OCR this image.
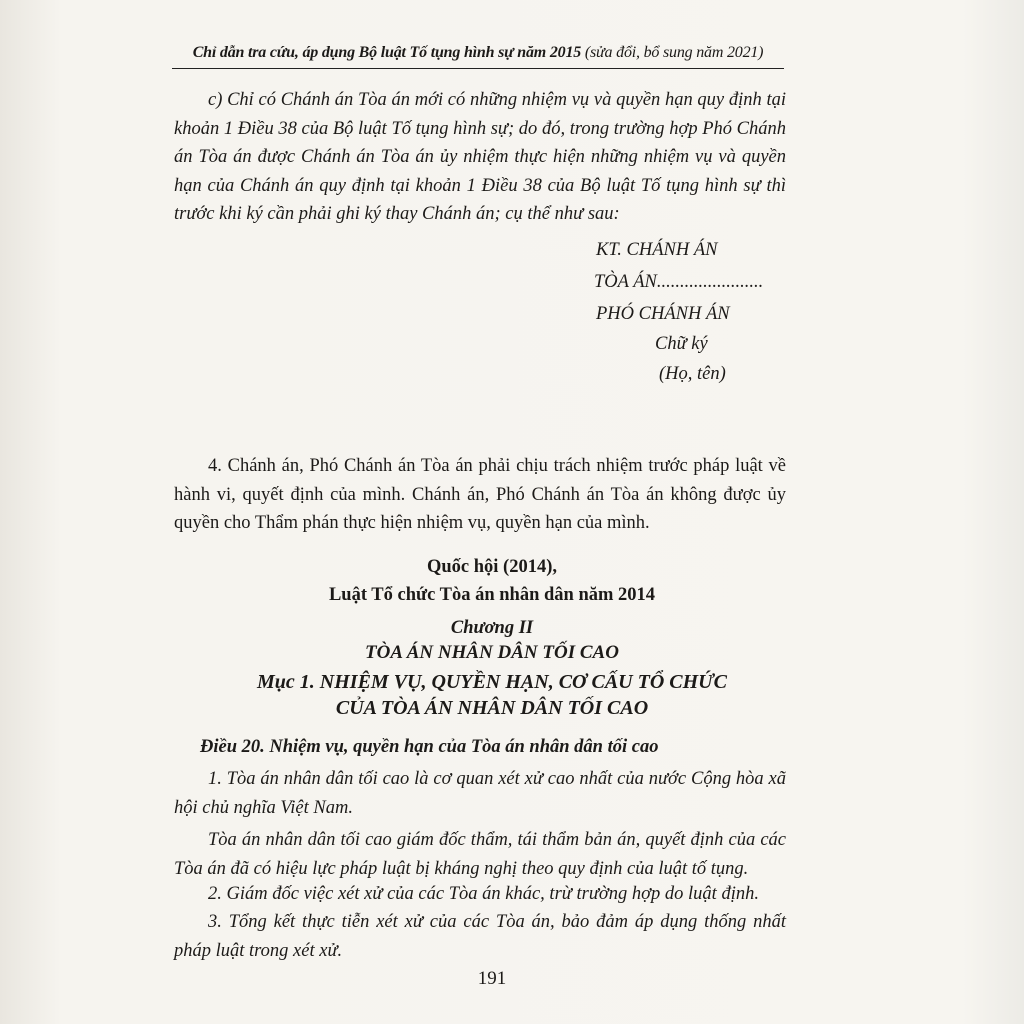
Chỉ dẫn tra cứu, áp dụng Bộ luật Tố tụng hình sự năm 2015 (sửa đổi, bổ sung năm 2021)
c) Chỉ có Chánh án Tòa án mới có những nhiệm vụ và quyền hạn quy định tại khoản 1 Điều 38 của Bộ luật Tố tụng hình sự; do đó, trong trường hợp Phó Chánh án Tòa án được Chánh án Tòa án ủy nhiệm thực hiện những nhiệm vụ và quyền hạn của Chánh án quy định tại khoản 1 Điều 38 của Bộ luật Tố tụng hình sự thì trước khi ký cần phải ghi ký thay Chánh án; cụ thể như sau:
KT. CHÁNH ÁN
TÒA ÁN.......................
PHÓ CHÁNH ÁN
Chữ ký
(Họ, tên)
4. Chánh án, Phó Chánh án Tòa án phải chịu trách nhiệm trước pháp luật về hành vi, quyết định của mình. Chánh án, Phó Chánh án Tòa án không được ủy quyền cho Thẩm phán thực hiện nhiệm vụ, quyền hạn của mình.
Quốc hội (2014),
Luật Tổ chức Tòa án nhân dân năm 2014
Chương II
TÒA ÁN NHÂN DÂN TỐI CAO
Mục 1. NHIỆM VỤ, QUYỀN HẠN, CƠ CẤU TỔ CHỨC
CỦA TÒA ÁN NHÂN DÂN TỐI CAO
Điều 20. Nhiệm vụ, quyền hạn của Tòa án nhân dân tối cao
1. Tòa án nhân dân tối cao là cơ quan xét xử cao nhất của nước Cộng hòa xã hội chủ nghĩa Việt Nam.
Tòa án nhân dân tối cao giám đốc thẩm, tái thẩm bản án, quyết định của các Tòa án đã có hiệu lực pháp luật bị kháng nghị theo quy định của luật tố tụng.
2. Giám đốc việc xét xử của các Tòa án khác, trừ trường hợp do luật định.
3. Tổng kết thực tiễn xét xử của các Tòa án, bảo đảm áp dụng thống nhất pháp luật trong xét xử.
191
